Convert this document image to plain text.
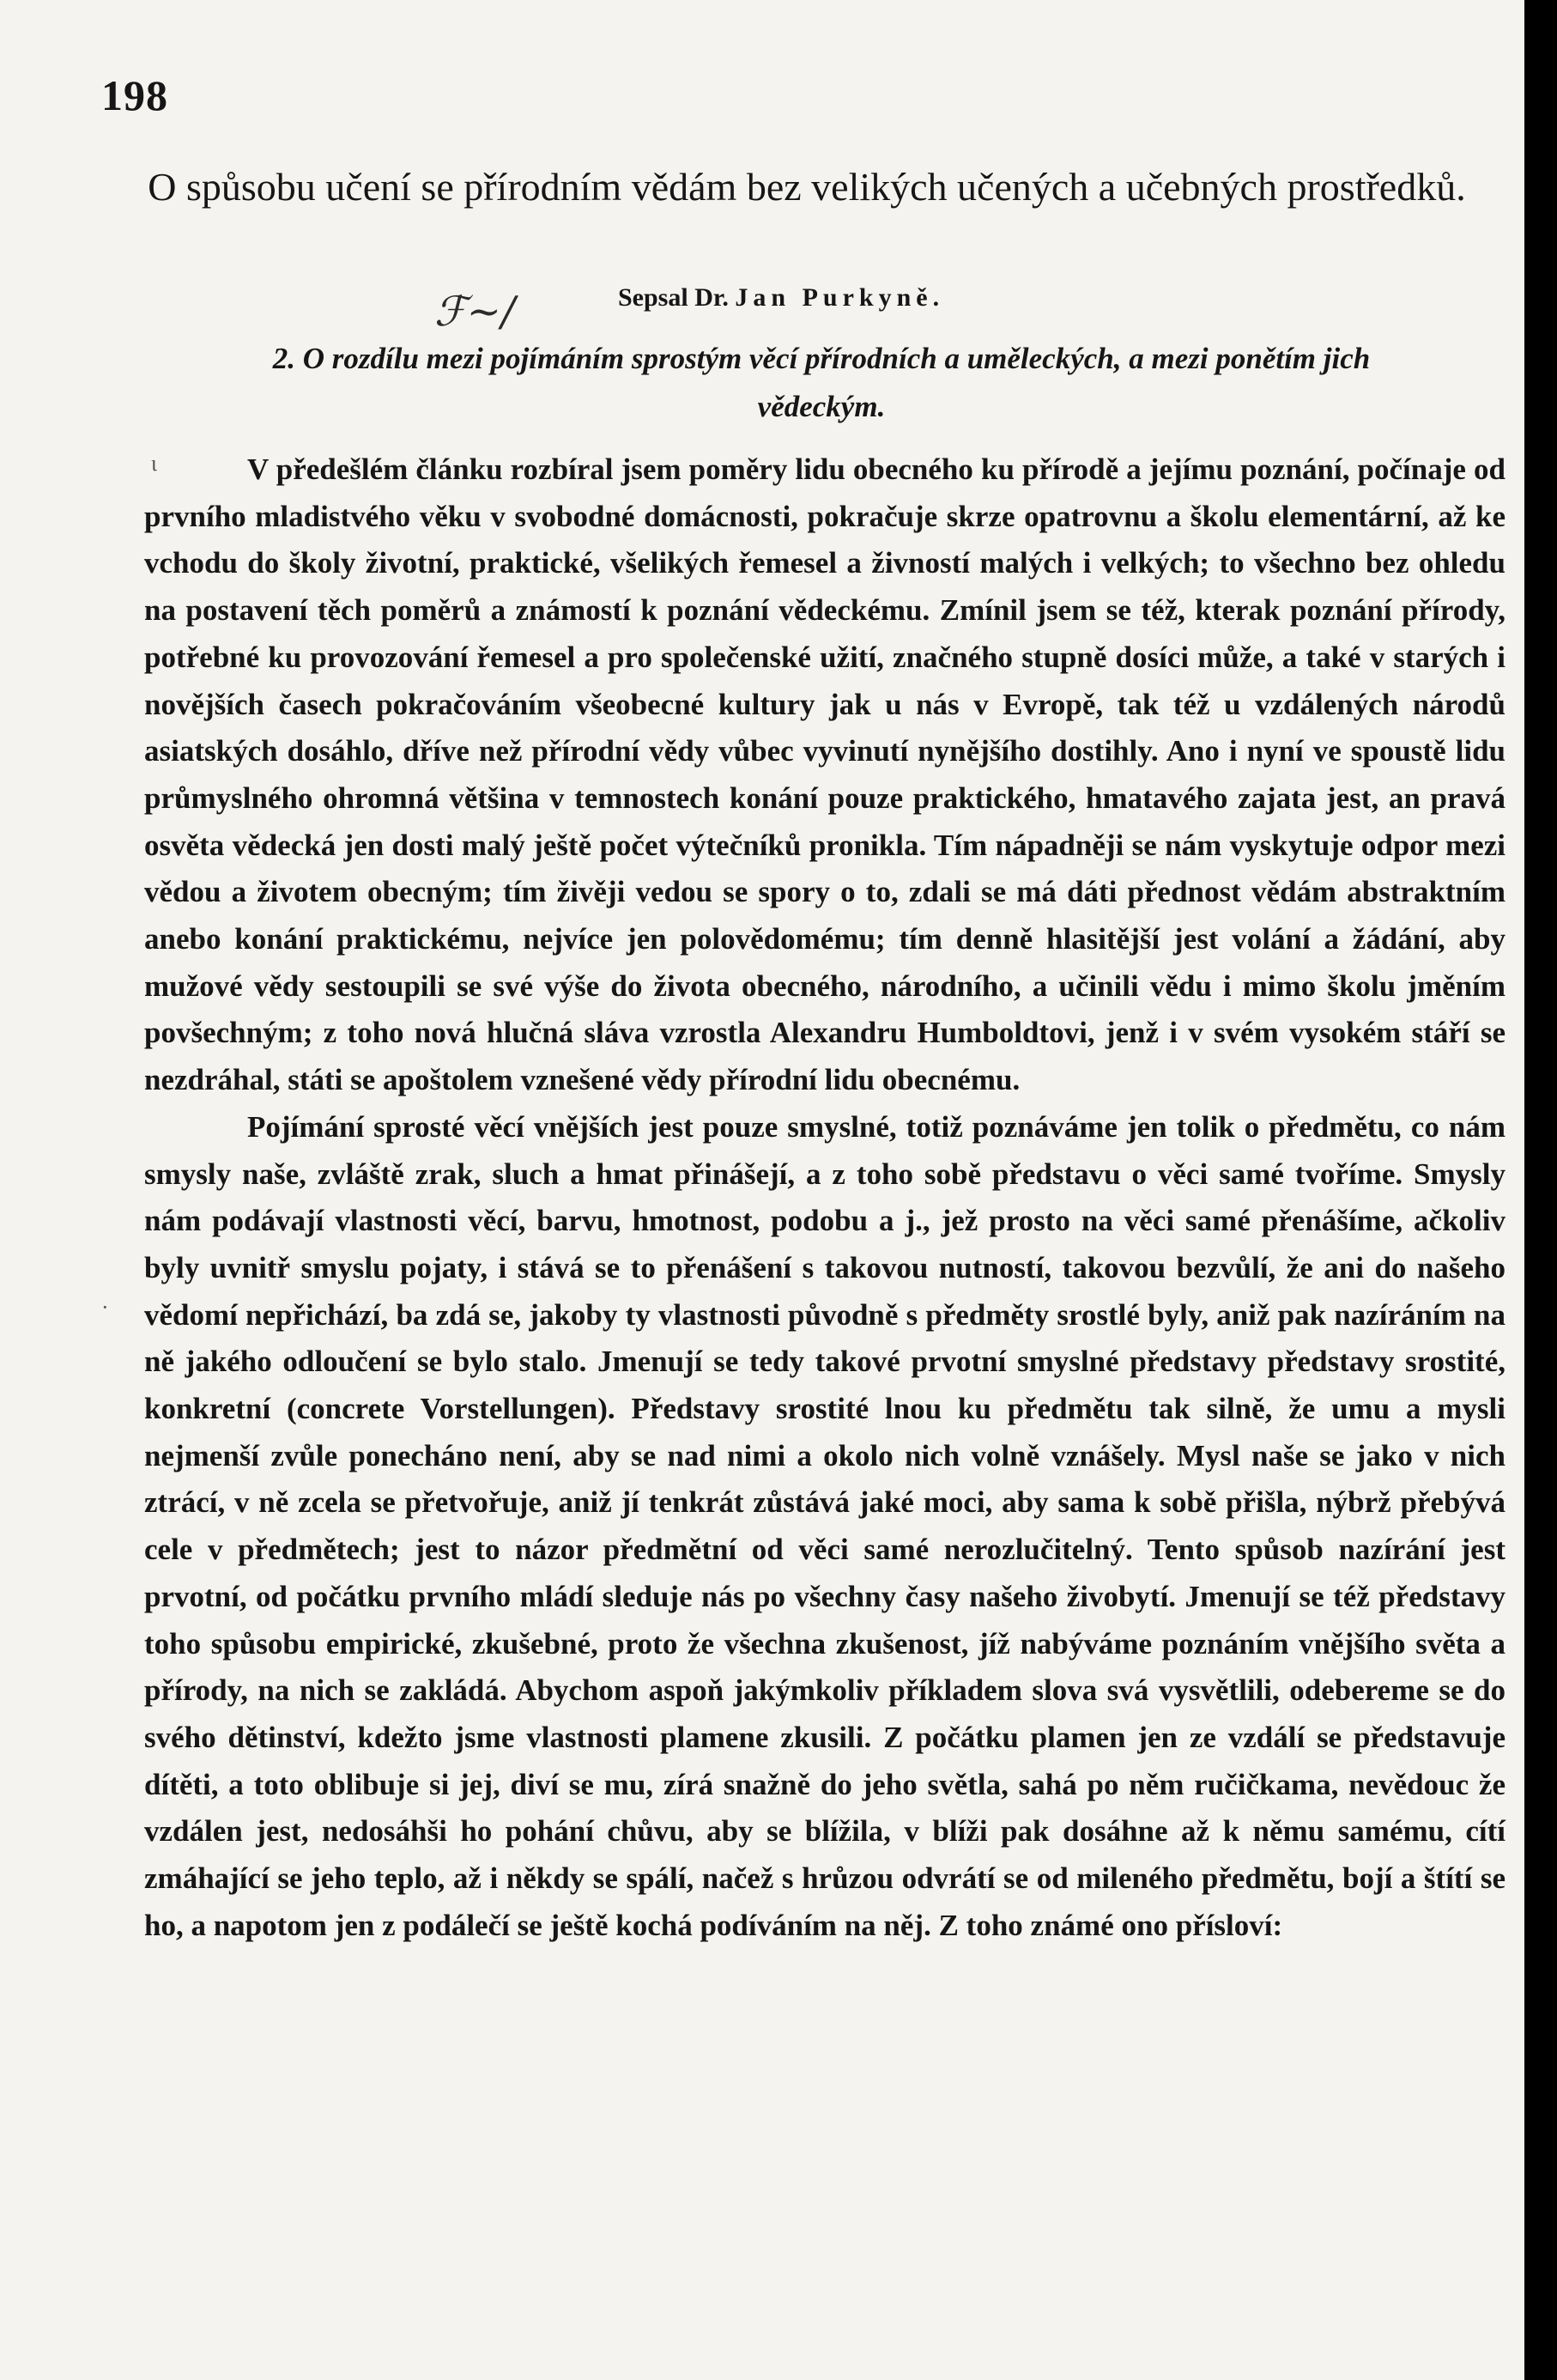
198
O spůsobu učení se přírodním vědám bez velikých učených a učebných prostředků.
ℱ~/	Sepsal Dr. Jan Purkyně.
2. O rozdílu mezi pojímáním sprostým věcí přírodních a uměleckých, a mezi ponětím jich vědeckým.

V předešlém článku rozbíral jsem poměry lidu obecného ku přírodě a jejímu poznání, počínaje od prvního mladistvého věku v svobodné domácnosti, pokračuje skrze opatrovnu a školu elementární, až ke vchodu do školy životní, praktické, všelikých řemesel a živností malých i velkých; to všechno bez ohledu na postavení těch poměrů a známostí k poznání vědeckému. Zmínil jsem se též, kterak poznání přírody, potřebné ku provozování řemesel a pro společenské užití, značného stupně dosíci může, a také v starých i novějších časech pokračováním všeobecné kultury jak u nás v Evropě, tak též u vzdálených národů asiatských dosáhlo, dříve než přírodní vědy vůbec vyvinutí nynějšího dostihly. Ano i nyní ve spoustě lidu průmyslného ohromná většina v temnostech konání pouze praktického, hmatavého zajata jest, an pravá osvěta vědecká jen dosti malý ještě počet výtečníků pronikla. Tím nápadněji se nám vyskytuje odpor mezi vědou a životem obecným; tím živěji vedou se spory o to, zdali se má dáti přednost vědám abstraktním anebo konání praktickému, nejvíce jen polovědomému; tím denně hlasitější jest volání a žádání, aby mužové vědy sestoupili se své výše do života obecného, národního, a učinili vědu i mimo školu jměním povšechným; z toho nová hlučná sláva vzrostla Alexandru Humboldtovi, jenž i v svém vysokém stáří se nezdráhal, státi se apoštolem vznešené vědy přírodní lidu obecnému.

Pojímání sprosté věcí vnějších jest pouze smyslné, totiž poznáváme jen tolik o předmětu, co nám smysly naše, zvláště zrak, sluch a hmat přinášejí, a z toho sobě představu o věci samé tvoříme. Smysly nám podávají vlastnosti věcí, barvu, hmotnost, podobu a j., jež prosto na věci samé přenášíme, ačkoliv byly uvnitř smyslu pojaty, i stává se to přenášení s takovou nutností, takovou bezvůlí, že ani do našeho vědomí nepřichází, ba zdá se, jakoby ty vlastnosti původně s předměty srostlé byly, aniž pak nazíráním na ně jakého odloučení se bylo stalo. Jmenují se tedy takové prvotní smyslné představy představy srostité, konkretní (concrete Vorstellungen). Představy srostité lnou ku předmětu tak silně, že umu a mysli nejmenší zvůle ponecháno není, aby se nad nimi a okolo nich volně vznášely. Mysl naše se jako v nich ztrácí, v ně zcela se přetvořuje, aniž jí tenkrát zůstává jaké moci, aby sama k sobě přišla, nýbrž přebývá cele v předmětech; jest to názor předmětní od věci samé nerozlučitelný. Tento spůsob nazírání jest prvotní, od počátku prvního mládí sleduje nás po všechny časy našeho živobytí. Jmenují se též představy toho spůsobu empirické, zkušebné, proto že všechna zkušenost, jíž nabýváme poznáním vnějšího světa a přírody, na nich se zakládá. Abychom aspoň jakýmkoliv příkladem slova svá vysvětlili, odebereme se do svého dětinství, kdežto jsme vlastnosti plamene zkusili. Z počátku plamen jen ze vzdálí se představuje dítěti, a toto oblibuje si jej, diví se mu, zírá snažně do jeho světla, sahá po něm ručičkama, nevědouc že vzdálen jest, nedosáhši ho pohání chůvu, aby se blížila, v blíži pak dosáhne až k němu samému, cítí zmáhající se jeho teplo, až i někdy se spálí, načež s hrůzou odvrátí se od mileného předmětu, bojí a štítí se ho, a napotom jen z podálečí se ještě kochá podíváním na něj. Z toho známé ono přísloví:

ι
·
